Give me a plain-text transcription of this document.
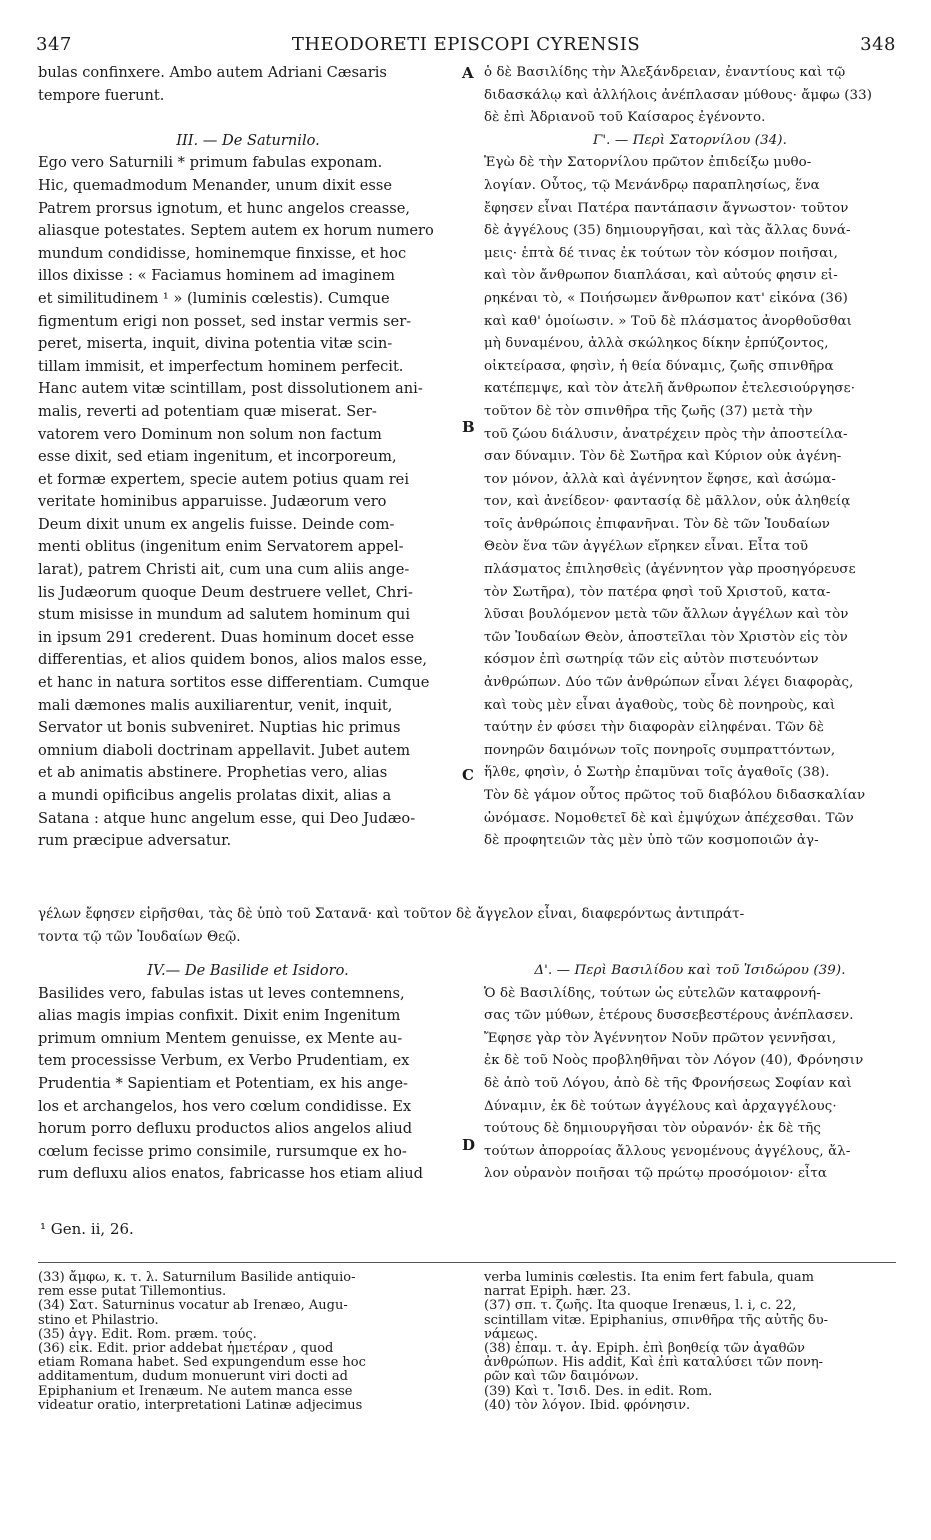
347	THEODORETI EPISCOPI CYRENSIS	348
bulas confinxere. Ambo autem Adriani Cæsaris
tempore fuerunt.
III. — De Saturnilo.
Ego vero Saturnili * primum fabulas exponam.
Hic, quemadmodum Menander, unum dixit esse
Patrem prorsus ignotum, et hunc angelos creasse,
aliasque potestates. Septem autem ex horum numero
mundum condidisse, hominemque finxisse, et hoc
illos dixisse : « Faciamus hominem ad imaginem
et similitudinem ¹ » (luminis cœlestis). Cumque
figmentum erigi non posset, sed instar vermis ser-
peret, miserta, inquit, divina potentia vitæ scin-
tillam immisit, et imperfectum hominem perfecit.
Hanc autem vitæ scintillam, post dissolutionem ani-
malis, reverti ad potentiam quæ miserat. Ser-
vatorem vero Dominum non solum non factum
esse dixit, sed etiam ingenitum, et incorporeum,
et formæ expertem, specie autem potius quam rei
veritate hominibus apparuisse. Judæorum vero
Deum dixit unum ex angelis fuisse. Deinde com-
menti oblitus (ingenitum enim Servatorem appel-
larat), patrem Christi ait, cum una cum aliis ange-
lis Judæorum quoque Deum destruere vellet, Chri-
stum misisse in mundum ad salutem hominum qui
in ipsum 291 crederent. Duas hominum docet esse
differentias, et alios quidem bonos, alios malos esse,
et hanc in natura sortitos esse differentiam. Cumque
mali dæmones malis auxiliarentur, venit, inquit,
Servator ut bonis subveniret. Nuptias hic primus
omnium diaboli doctrinam appellavit. Jubet autem
et ab animatis abstinere. Prophetias vero, alias
a mundi opificibus angelis prolatas dixit, alias a
Satana : atque hunc angelum esse, qui Deo Judæo-
rum præcipue adversatur.
ὁ δὲ Βασιλίδης τὴν Ἀλεξάνδρειαν, ἐναντίους καὶ τῷ
διδασκάλῳ καὶ ἀλλήλοις ἀνέπλασαν μύθους· ἄμφω (33)
δὲ ἐπὶ Ἀδριανοῦ τοῦ Καίσαρος ἐγένοντο.
Γ'. — Περὶ Σατορνίλου (34).
Ἐγὼ δὲ τὴν Σατορνίλου πρῶτον ἐπιδείξω μυθο-
λογίαν. Οὗτος, τῷ Μενάνδρῳ παραπλησίως, ἕνα
ἔφησεν εἶναι Πατέρα παντάπασιν ἄγνωστον· τοῦτον
δὲ ἀγγέλους (35) δημιουργῆσαι, καὶ τὰς ἄλλας δυνά-
μεις· ἑπτὰ δέ τινας ἐκ τούτων τὸν κόσμον ποιῆσαι,
καὶ τὸν ἄνθρωπον διαπλάσαι, καὶ αὐτούς φησιν εἰ-
ρηκέναι τὸ, « Ποιήσωμεν ἄνθρωπον κατ' εἰκόνα (36)
καὶ καθ' ὁμοίωσιν. » Τοῦ δὲ πλάσματος ἀνορθοῦσθαι
μὴ δυναμένου, ἀλλὰ σκώληκος δίκην ἑρπύζοντος,
οἰκτείρασα, φησὶν, ἡ θεία δύναμις, ζωῆς σπινθῆρα
κατέπεμψε, καὶ τὸν ἀτελῆ ἄνθρωπον ἐτελεσιούργησε·
τοῦτον δὲ τὸν σπινθῆρα τῆς ζωῆς (37) μετὰ τὴν
τοῦ ζώου διάλυσιν, ἀνατρέχειν πρὸς τὴν ἀποστείλα-
σαν δύναμιν. Τὸν δὲ Σωτῆρα καὶ Κύριον οὐκ ἀγένη-
τον μόνον, ἀλλὰ καὶ ἀγέννητον ἔφησε, καὶ ἀσώμα-
τον, καὶ ἀνείδεον· φαντασίᾳ δὲ μᾶλλον, οὐκ ἀληθείᾳ
τοῖς ἀνθρώποις ἐπιφανῆναι. Τὸν δὲ τῶν Ἰουδαίων
Θεὸν ἕνα τῶν ἀγγέλων εἴρηκεν εἶναι. Εἶτα τοῦ
πλάσματος ἐπιλησθεὶς (ἀγέννητον γὰρ προσηγόρευσε
τὸν Σωτῆρα), τὸν πατέρα φησὶ τοῦ Χριστοῦ, κατα-
λῦσαι βουλόμενον μετὰ τῶν ἄλλων ἀγγέλων καὶ τὸν
τῶν Ἰουδαίων Θεὸν, ἀποστεῖλαι τὸν Χριστὸν εἰς τὸν
κόσμον ἐπὶ σωτηρίᾳ τῶν εἰς αὐτὸν πιστευόντων
ἀνθρώπων. Δύο τῶν ἀνθρώπων εἶναι λέγει διαφορὰς,
καὶ τοὺς μὲν εἶναι ἀγαθοὺς, τοὺς δὲ πονηροὺς, καὶ
ταύτην ἐν φύσει τὴν διαφορὰν εἰληφέναι. Τῶν δὲ
πονηρῶν δαιμόνων τοῖς πονηροῖς συμπραττόντων,
ἥλθε, φησὶν, ὁ Σωτὴρ ἐπαμῦναι τοῖς ἀγαθοῖς (38).
Τὸν δὲ γάμον οὗτος πρῶτος τοῦ διαβόλου διδασκαλίαν
ὠνόμασε. Νομοθετεῖ δὲ καὶ ἐμψύχων ἀπέχεσθαι. Τῶν
δὲ προφητειῶν τὰς μὲν ὑπὸ τῶν κοσμοποιῶν ἀγ-
A
B
C
D
γέλων ἔφησεν εἰρῆσθαι, τὰς δὲ ὑπὸ τοῦ Σατανᾶ· καὶ τοῦτον δὲ ἄγγελον εἶναι, διαφερόντως ἀντιπράτ-
τοντα τῷ τῶν Ἰουδαίων Θεῷ.
IV.— De Basilide et Isidoro.
Basilides vero, fabulas istas ut leves contemnens,
alias magis impias confixit. Dixit enim Ingenitum
primum omnium Mentem genuisse, ex Mente au-
tem processisse Verbum, ex Verbo Prudentiam, ex
Prudentia * Sapientiam et Potentiam, ex his ange-
los et archangelos, hos vero cœlum condidisse. Ex
horum porro defluxu productos alios angelos aliud
cœlum fecisse primo consimile, rursumque ex ho-
rum defluxu alios enatos, fabricasse hos etiam aliud
Δ'. — Περὶ Βασιλίδου καὶ τοῦ Ἰσιδώρου (39).
Ὁ δὲ Βασιλίδης, τούτων ὡς εὐτελῶν καταφρονή-
σας τῶν μύθων, ἑτέρους δυσσεβεστέρους ἀνέπλασεν.
Ἔφησε γὰρ τὸν Ἀγέννητον Νοῦν πρῶτον γεννῆσαι,
ἐκ δὲ τοῦ Νοὸς προβληθῆναι τὸν Λόγον (40), Φρόνησιν
δὲ ἀπὸ τοῦ Λόγου, ἀπὸ δὲ τῆς Φρονήσεως Σοφίαν καὶ
Δύναμιν, ἐκ δὲ τούτων ἀγγέλους καὶ ἀρχαγγέλους·
τούτους δὲ δημιουργῆσαι τὸν οὐρανόν· ἐκ δὲ τῆς
τούτων ἀπορροίας ἄλλους γενομένους ἀγγέλους, ἄλ-
λον οὐρανὸν ποιῆσαι τῷ πρώτῳ προσόμοιον· εἶτα
¹ Gen. ii, 26.
(33) ἄμφω, κ. τ. λ. Saturnilum Basilide antiquio-
rem esse putat Tillemontius.
(34) Σατ. Saturninus vocatur ab Irenæo, Augu-
stino et Philastrio.
(35) ἀγγ. Edit. Rom. præm. τούς.
(36) εἰκ. Edit. prior addebat ἡμετέραν , quod
etiam Romana habet. Sed expungendum esse hoc
additamentum, dudum monuerunt viri docti ad
Epiphanium et Irenæum. Ne autem manca esse
videatur oratio, interpretationi Latinæ adjecimus
verba luminis cœlestis. Ita enim fert fabula, quam
narrat Epiph. hær. 23.
(37) σπ. τ. ζωῆς. Ita quoque Irenæus, l. i, c. 22,
scintillam vitæ. Epiphanius, σπινθῆρα τῆς αὐτῆς δυ-
νάμεως.
(38) ἐπαμ. τ. ἀγ. Epiph. ἐπὶ βοηθείᾳ τῶν ἀγαθῶν
ἀνθρώπων. His addit, Καὶ ἐπὶ καταλύσει τῶν πονη-
ρῶν καὶ τῶν δαιμόνων.
(39) Καὶ τ. Ἰσιδ. Des. in edit. Rom.
(40) τὸν λόγον. Ibid. φρόνησιν.
